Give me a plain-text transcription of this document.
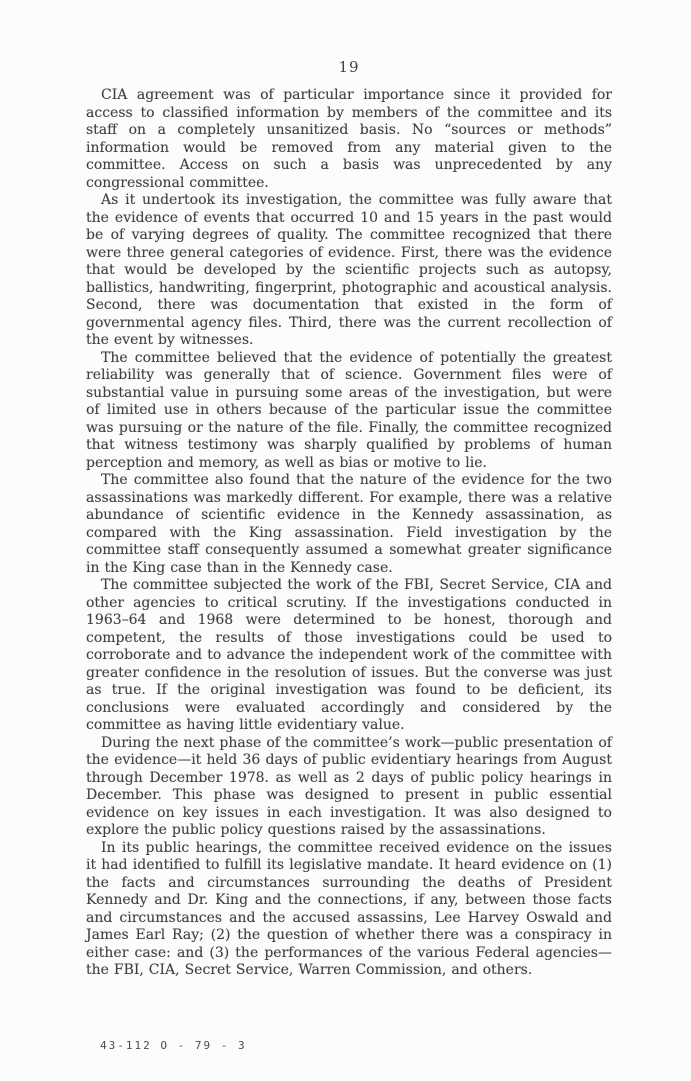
19

CIA agreement was of particular importance since it provided for access to classified information by members of the committee and its staff on a completely unsanitized basis. No “sources or methods” information would be removed from any material given to the committee. Access on such a basis was unprecedented by any congressional committee.

As it undertook its investigation, the committee was fully aware that the evidence of events that occurred 10 and 15 years in the past would be of varying degrees of quality. The committee recognized that there were three general categories of evidence. First, there was the evidence that would be developed by the scientific projects such as autopsy, ballistics, handwriting, fingerprint, photographic and acoustical analysis. Second, there was documentation that existed in the form of governmental agency files. Third, there was the current recollection of the event by witnesses.

The committee believed that the evidence of potentially the greatest reliability was generally that of science. Government files were of substantial value in pursuing some areas of the investigation, but were of limited use in others because of the particular issue the committee was pursuing or the nature of the file. Finally, the committee recognized that witness testimony was sharply qualified by problems of human perception and memory, as well as bias or motive to lie.

The committee also found that the nature of the evidence for the two assassinations was markedly different. For example, there was a relative abundance of scientific evidence in the Kennedy assassination, as compared with the King assassination. Field investigation by the committee staff consequently assumed a somewhat greater significance in the King case than in the Kennedy case.

The committee subjected the work of the FBI, Secret Service, CIA and other agencies to critical scrutiny. If the investigations conducted in 1963–64 and 1968 were determined to be honest, thorough and competent, the results of those investigations could be used to corroborate and to advance the independent work of the committee with greater confidence in the resolution of issues. But the converse was just as true. If the original investigation was found to be deficient, its conclusions were evaluated accordingly and considered by the committee as having little evidentiary value.

During the next phase of the committee’s work—public presentation of the evidence—it held 36 days of public evidentiary hearings from August through December 1978. as well as 2 days of public policy hearings in December. This phase was designed to present in public essential evidence on key issues in each investigation. It was also designed to explore the public policy questions raised by the assassinations.

In its public hearings, the committee received evidence on the issues it had identified to fulfill its legislative mandate. It heard evidence on (1) the facts and circumstances surrounding the deaths of President Kennedy and Dr. King and the connections, if any, between those facts and circumstances and the accused assassins, Lee Harvey Oswald and James Earl Ray; (2) the question of whether there was a conspiracy in either case: and (3) the performances of the various Federal agencies—the FBI, CIA, Secret Service, Warren Commission, and others.

43-112 O - 79 - 3
